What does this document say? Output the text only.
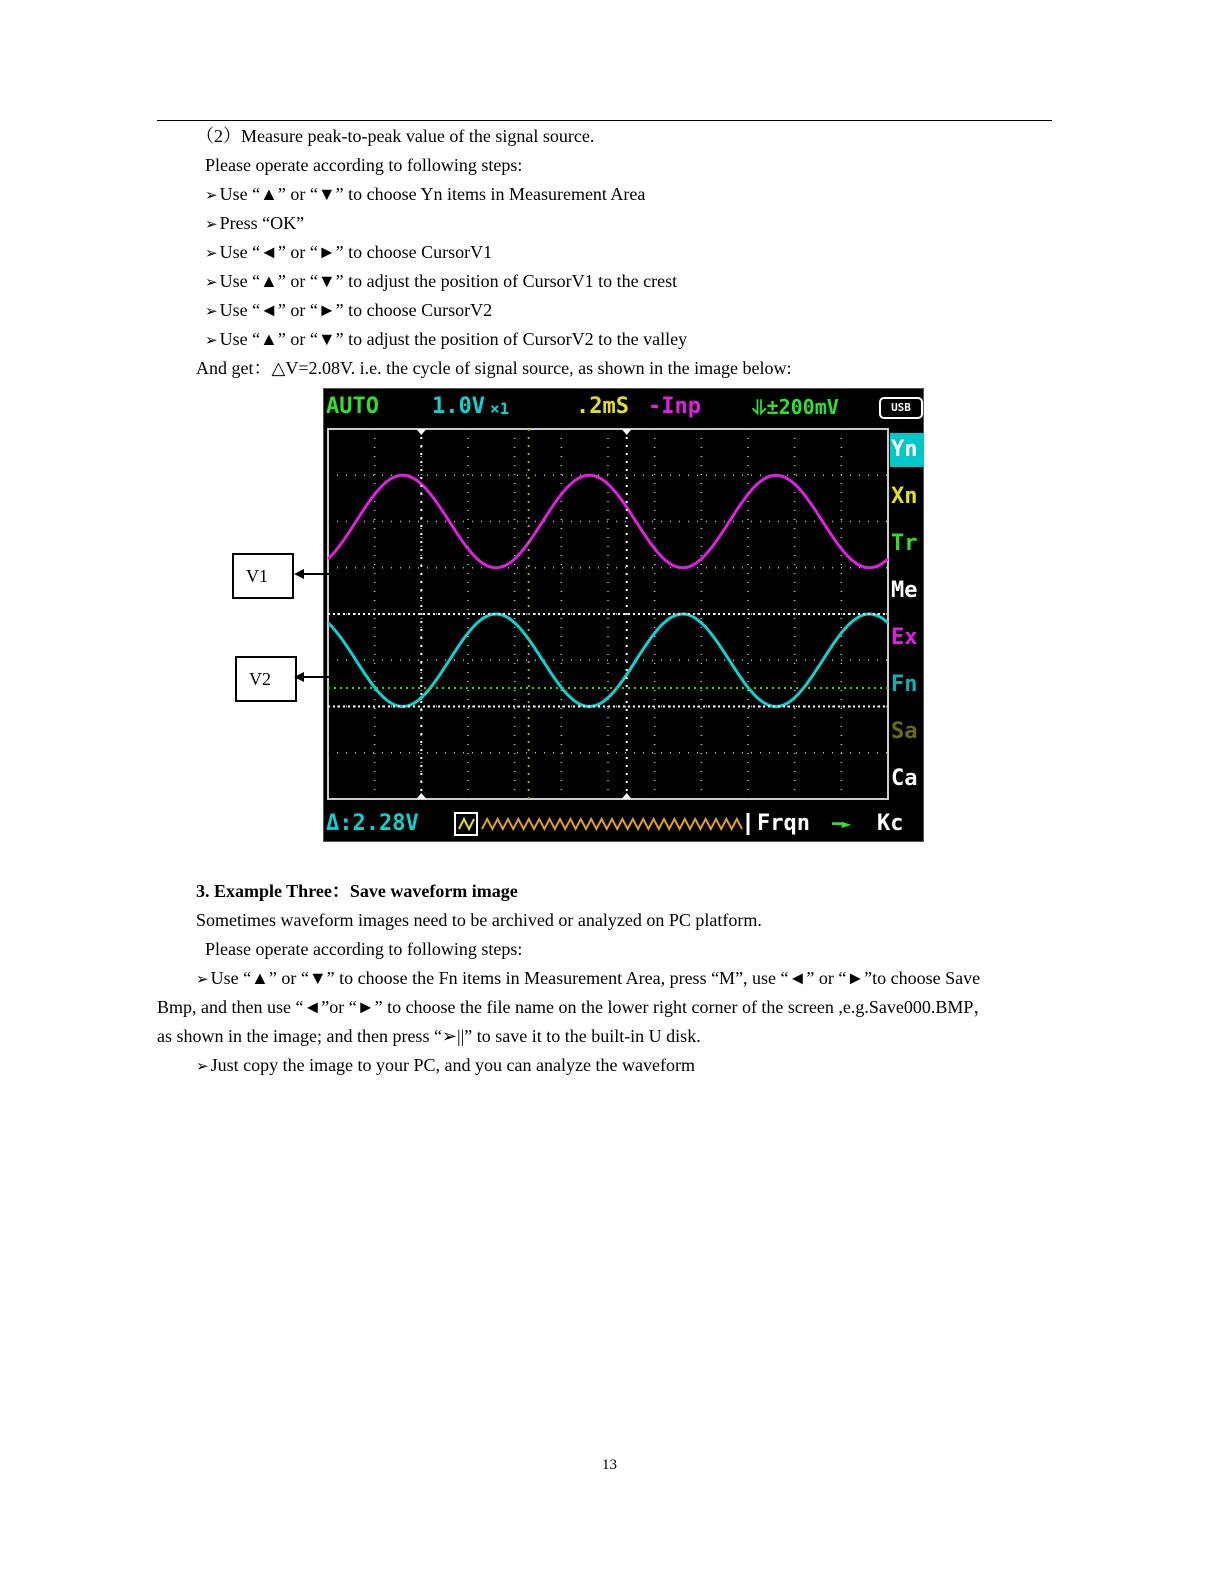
（2）Measure peak-to-peak value of the signal source.
Please operate according to following steps:
➢ Use “▲” or “▼” to choose Yn items in Measurement Area
➢ Press “OK”
➢ Use “◄” or “►” to choose CursorV1
➢ Use “▲” or “▼” to adjust the position of CursorV1 to the crest
➢ Use “◄” or “►” to choose CursorV2
➢ Use “▲” or “▼” to adjust the position of CursorV2 to the valley
And get：△V=2.08V. i.e. the cycle of signal source, as shown in the image below:
AUTO 1.0V ×1	.2mS -Inp	⥥±200mV	USB
Yn
Xn
Tr
Me
Ex
Fn
Sa
Ca
Δ:2.28V	Frqn ━► Kc
V1
V2
3. Example Three：Save waveform image
Sometimes waveform images need to be archived or analyzed on PC platform.
Please operate according to following steps:
➢ Use “▲” or “▼” to choose the Fn items in Measurement Area, press “M”, use “◄” or “►”to choose Save
Bmp, and then use “◄”or “►” to choose the file name on the lower right corner of the screen ,e.g.Save000.BMP，
as shown in the image; and then press “➢||” to save it to the built-in U disk.
➢ Just copy the image to your PC, and you can analyze the waveform
13
